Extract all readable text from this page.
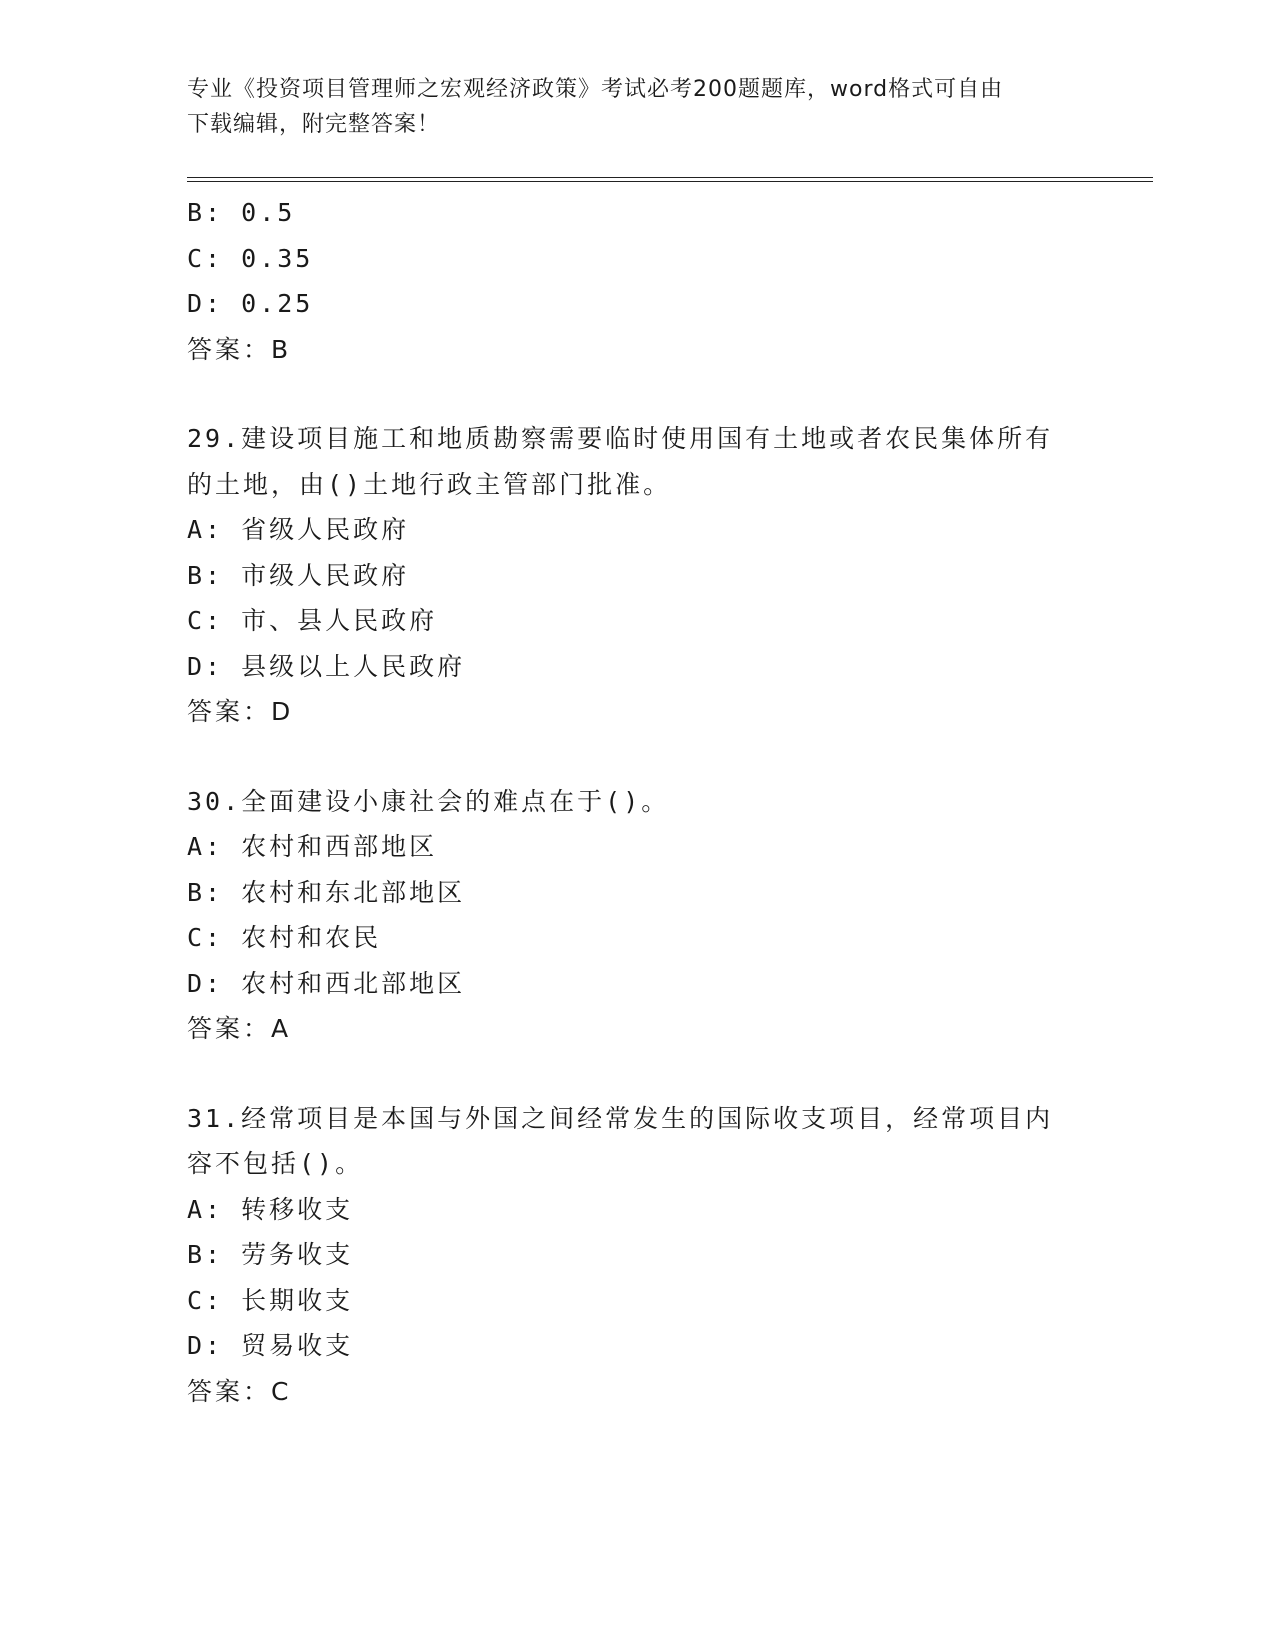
专业《投资项目管理师之宏观经济政策》考试必考200题题库，word格式可自由
下载编辑，附完整答案！
B: 0.5
C: 0.35
D: 0.25
答案：B
29.建设项目施工和地质勘察需要临时使用国有土地或者农民集体所有
的土地，由()土地行政主管部门批准。
A: 省级人民政府
B: 市级人民政府
C: 市、县人民政府
D: 县级以上人民政府
答案：D
30.全面建设小康社会的难点在于()。
A: 农村和西部地区
B: 农村和东北部地区
C: 农村和农民
D: 农村和西北部地区
答案：A
31.经常项目是本国与外国之间经常发生的国际收支项目，经常项目内
容不包括()。
A: 转移收支
B: 劳务收支
C: 长期收支
D: 贸易收支
答案：C
